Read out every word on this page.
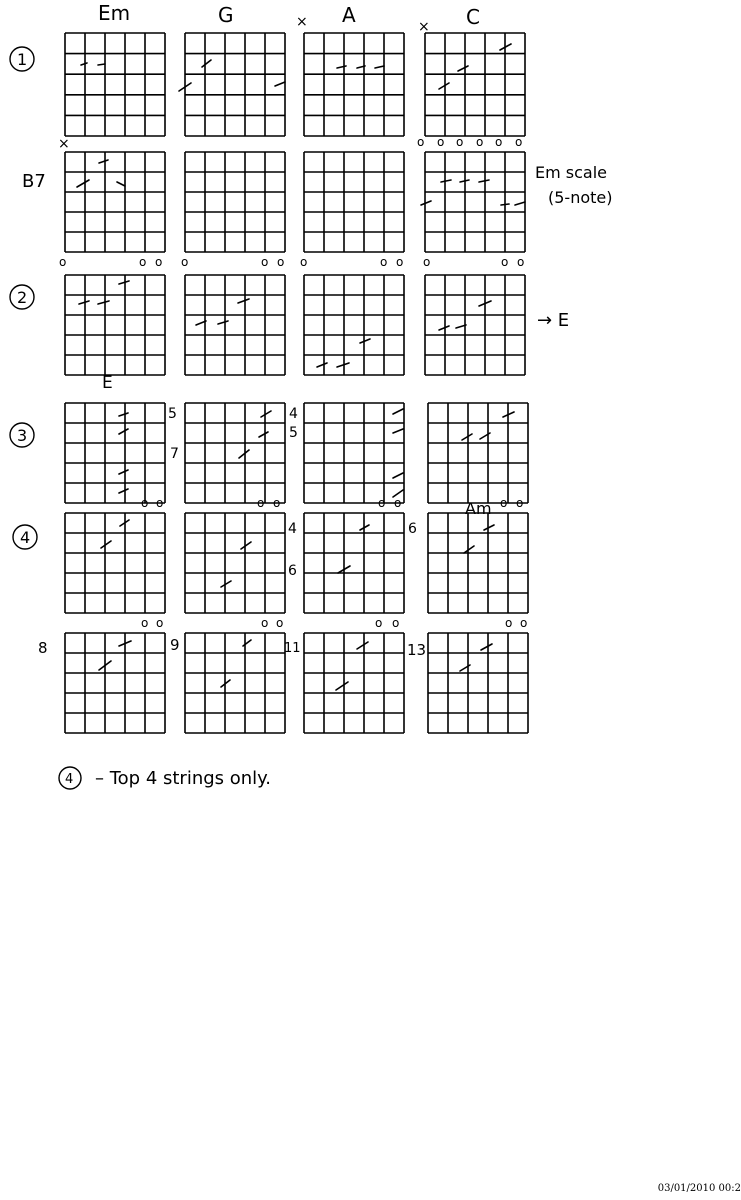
Em	G	× A	× C
1
2
3
4
×
B7	Em scale
(5-note)
→ E
E
5
7
4
5
4
6
6
Am
8	9	11	13
4 – Top 4 strings only.
o o o o o o
o	o o o	o o o	o o o	o o
o o	o o	o o	o o
o o	o o	o o	o o
03/01/2010 00:2
